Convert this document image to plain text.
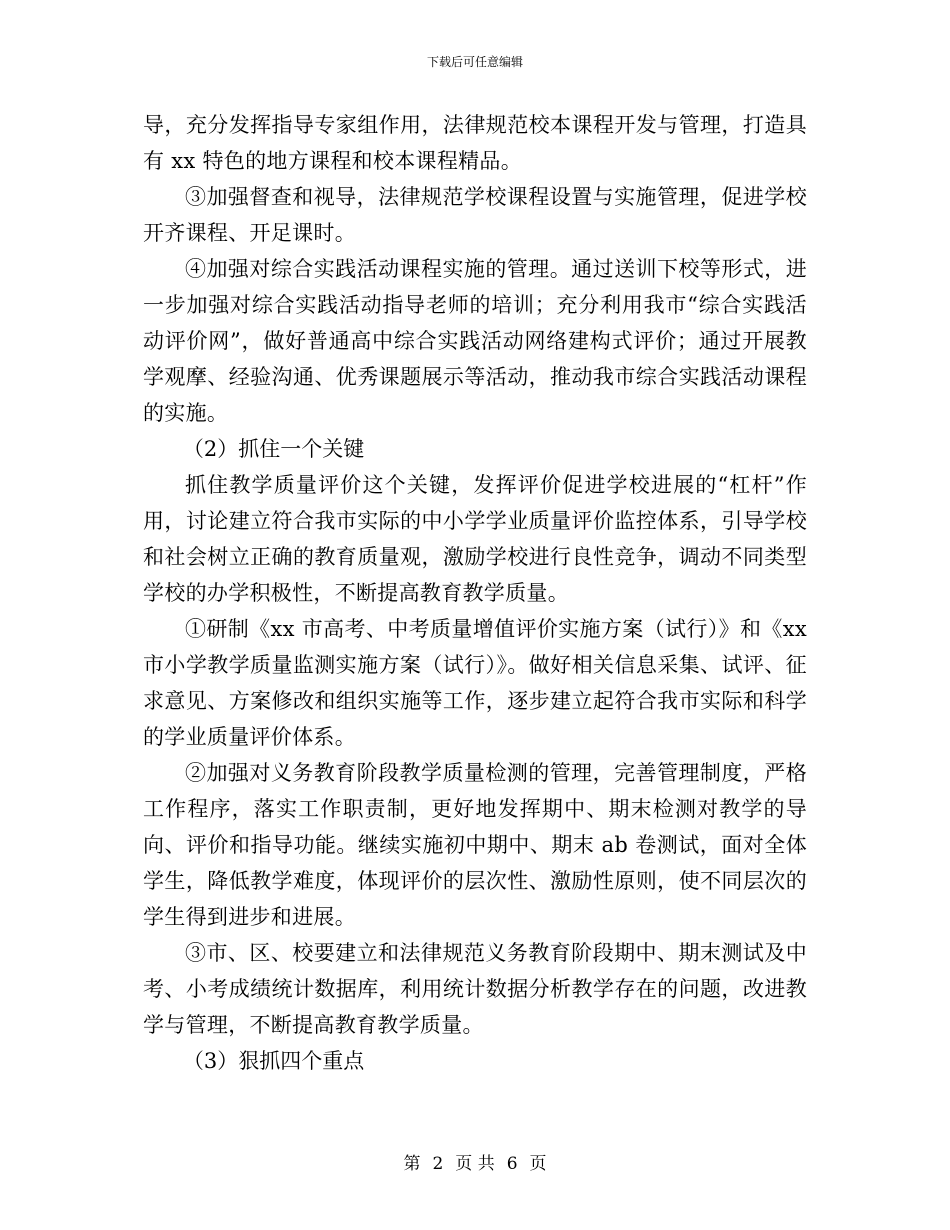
下载后可任意编辑

导，充分发挥指导专家组作用，法律规范校本课程开发与管理，打造具有 xx 特色的地方课程和校本课程精品。

③加强督查和视导，法律规范学校课程设置与实施管理，促进学校开齐课程、开足课时。

④加强对综合实践活动课程实施的管理。通过送训下校等形式，进一步加强对综合实践活动指导老师的培训；充分利用我市“综合实践活动评价网”，做好普通高中综合实践活动网络建构式评价；通过开展教学观摩、经验沟通、优秀课题展示等活动，推动我市综合实践活动课程的实施。

（2）抓住一个关键

抓住教学质量评价这个关键，发挥评价促进学校进展的“杠杆”作用，讨论建立符合我市实际的中小学学业质量评价监控体系，引导学校和社会树立正确的教育质量观，激励学校进行良性竞争，调动不同类型学校的办学积极性，不断提高教育教学质量。

①研制《xx 市高考、中考质量增值评价实施方案（试行）》和《xx 市小学教学质量监测实施方案（试行）》。做好相关信息采集、试评、征求意见、方案修改和组织实施等工作，逐步建立起符合我市实际和科学的学业质量评价体系。

②加强对义务教育阶段教学质量检测的管理，完善管理制度，严格工作程序，落实工作职责制，更好地发挥期中、期末检测对教学的导向、评价和指导功能。继续实施初中期中、期末 ab 卷测试，面对全体学生，降低教学难度，体现评价的层次性、激励性原则，使不同层次的学生得到进步和进展。

③市、区、校要建立和法律规范义务教育阶段期中、期末测试及中考、小考成绩统计数据库，利用统计数据分析教学存在的问题，改进教学与管理，不断提高教育教学质量。

（3）狠抓四个重点

第 2 页 共 6 页
